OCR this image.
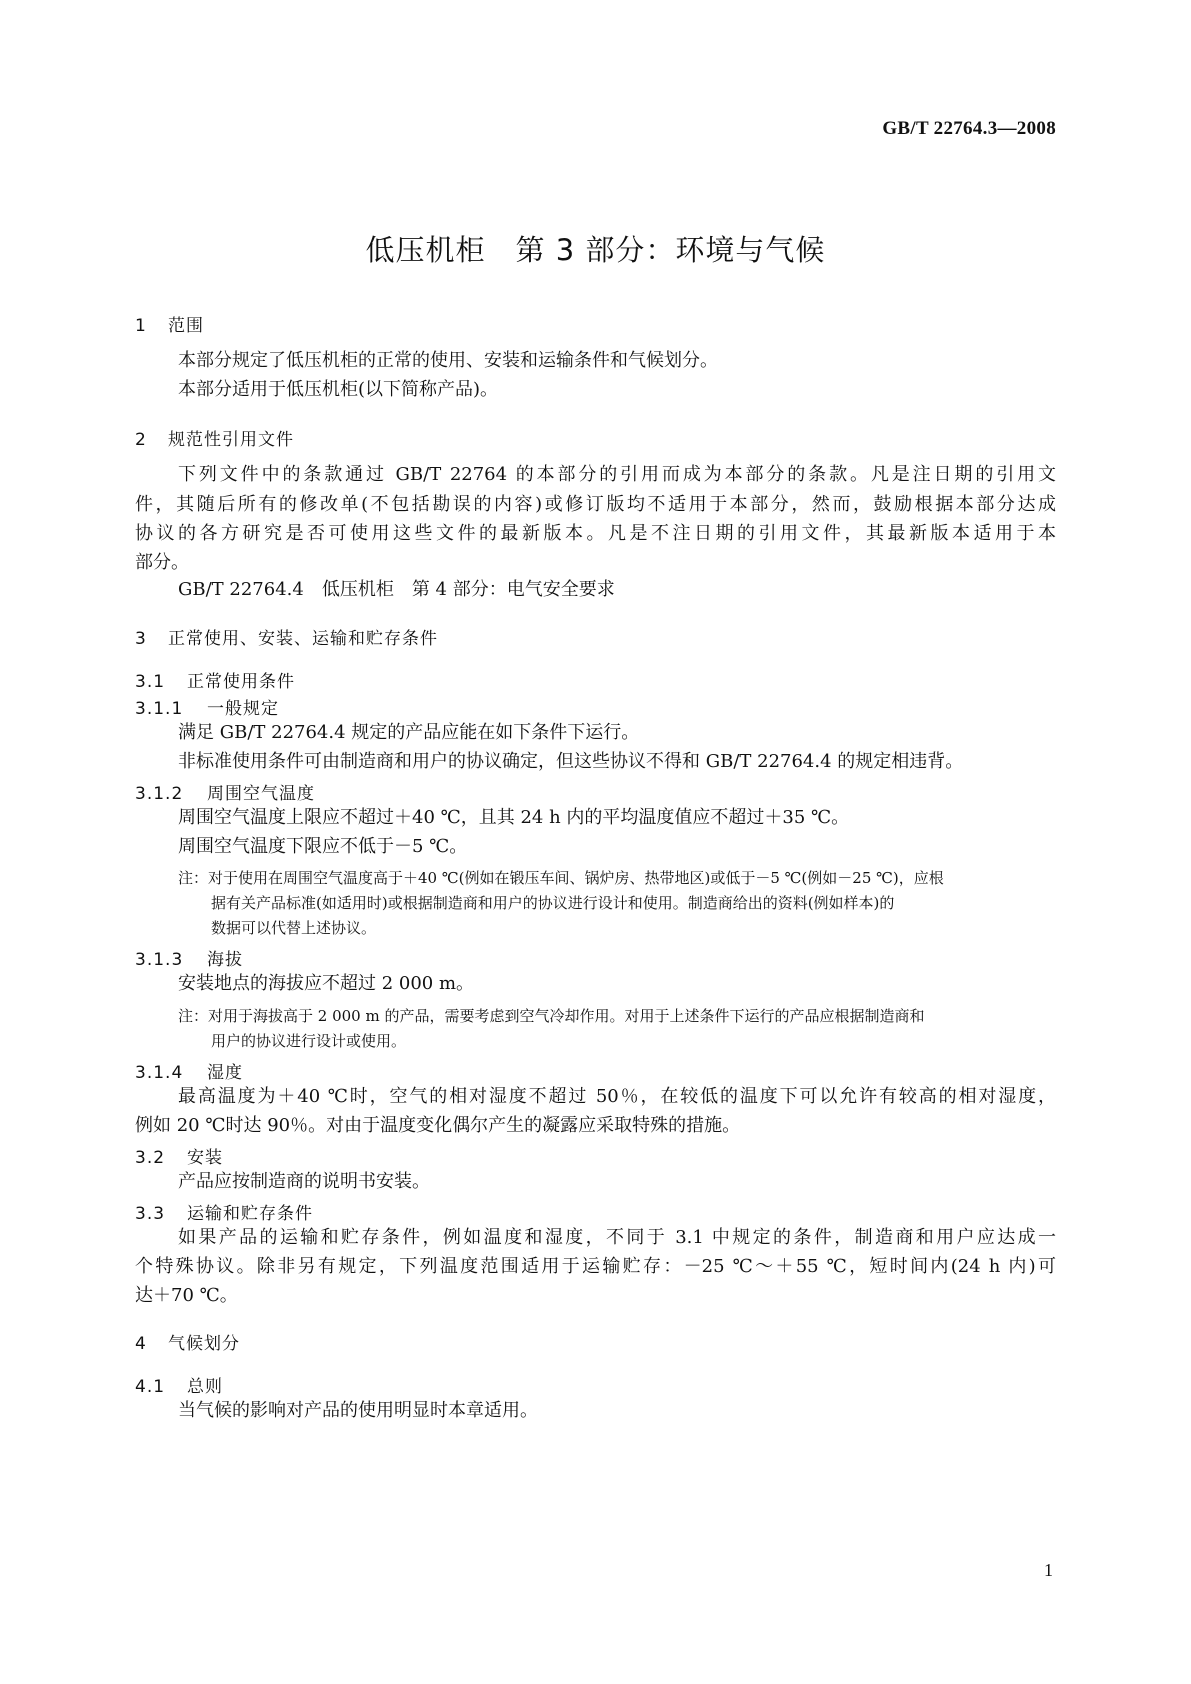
GB/T 22764.3—2008
低压机柜　第 3 部分：环境与气候
1 范围
本部分规定了低压机柜的正常的使用、安装和运输条件和气候划分。
本部分适用于低压机柜(以下简称产品)。
2 规范性引用文件
下列文件中的条款通过 GB/T 22764 的本部分的引用而成为本部分的条款。凡是注日期的引用文
件，其随后所有的修改单(不包括勘误的内容)或修订版均不适用于本部分，然而，鼓励根据本部分达成
协议的各方研究是否可使用这些文件的最新版本。凡是不注日期的引用文件，其最新版本适用于本
部分。
GB/T 22764.4　低压机柜　第 4 部分：电气安全要求
3 正常使用、安装、运输和贮存条件
3.1 正常使用条件
3.1.1 一般规定
满足 GB/T 22764.4 规定的产品应能在如下条件下运行。
非标准使用条件可由制造商和用户的协议确定，但这些协议不得和 GB/T 22764.4 的规定相违背。
3.1.2 周围空气温度
周围空气温度上限应不超过＋40 ℃，且其 24 h 内的平均温度值应不超过＋35 ℃。
周围空气温度下限应不低于－5 ℃。
注：对于使用在周围空气温度高于＋40 ℃(例如在锻压车间、锅炉房、热带地区)或低于－5 ℃(例如－25 ℃)，应根
据有关产品标准(如适用时)或根据制造商和用户的协议进行设计和使用。制造商给出的资料(例如样本)的
数据可以代替上述协议。
3.1.3 海拔
安装地点的海拔应不超过 2 000 m。
注：对用于海拔高于 2 000 m 的产品，需要考虑到空气冷却作用。对用于上述条件下运行的产品应根据制造商和
用户的协议进行设计或使用。
3.1.4 湿度
最高温度为＋40 ℃时，空气的相对湿度不超过 50％，在较低的温度下可以允许有较高的相对湿度，
例如 20 ℃时达 90％。对由于温度变化偶尔产生的凝露应采取特殊的措施。
3.2 安装
产品应按制造商的说明书安装。
3.3 运输和贮存条件
如果产品的运输和贮存条件，例如温度和湿度，不同于 3.1 中规定的条件，制造商和用户应达成一
个特殊协议。除非另有规定，下列温度范围适用于运输贮存：－25 ℃～＋55 ℃，短时间内(24 h 内)可
达＋70 ℃。
4 气候划分
4.1 总则
当气候的影响对产品的使用明显时本章适用。
1
